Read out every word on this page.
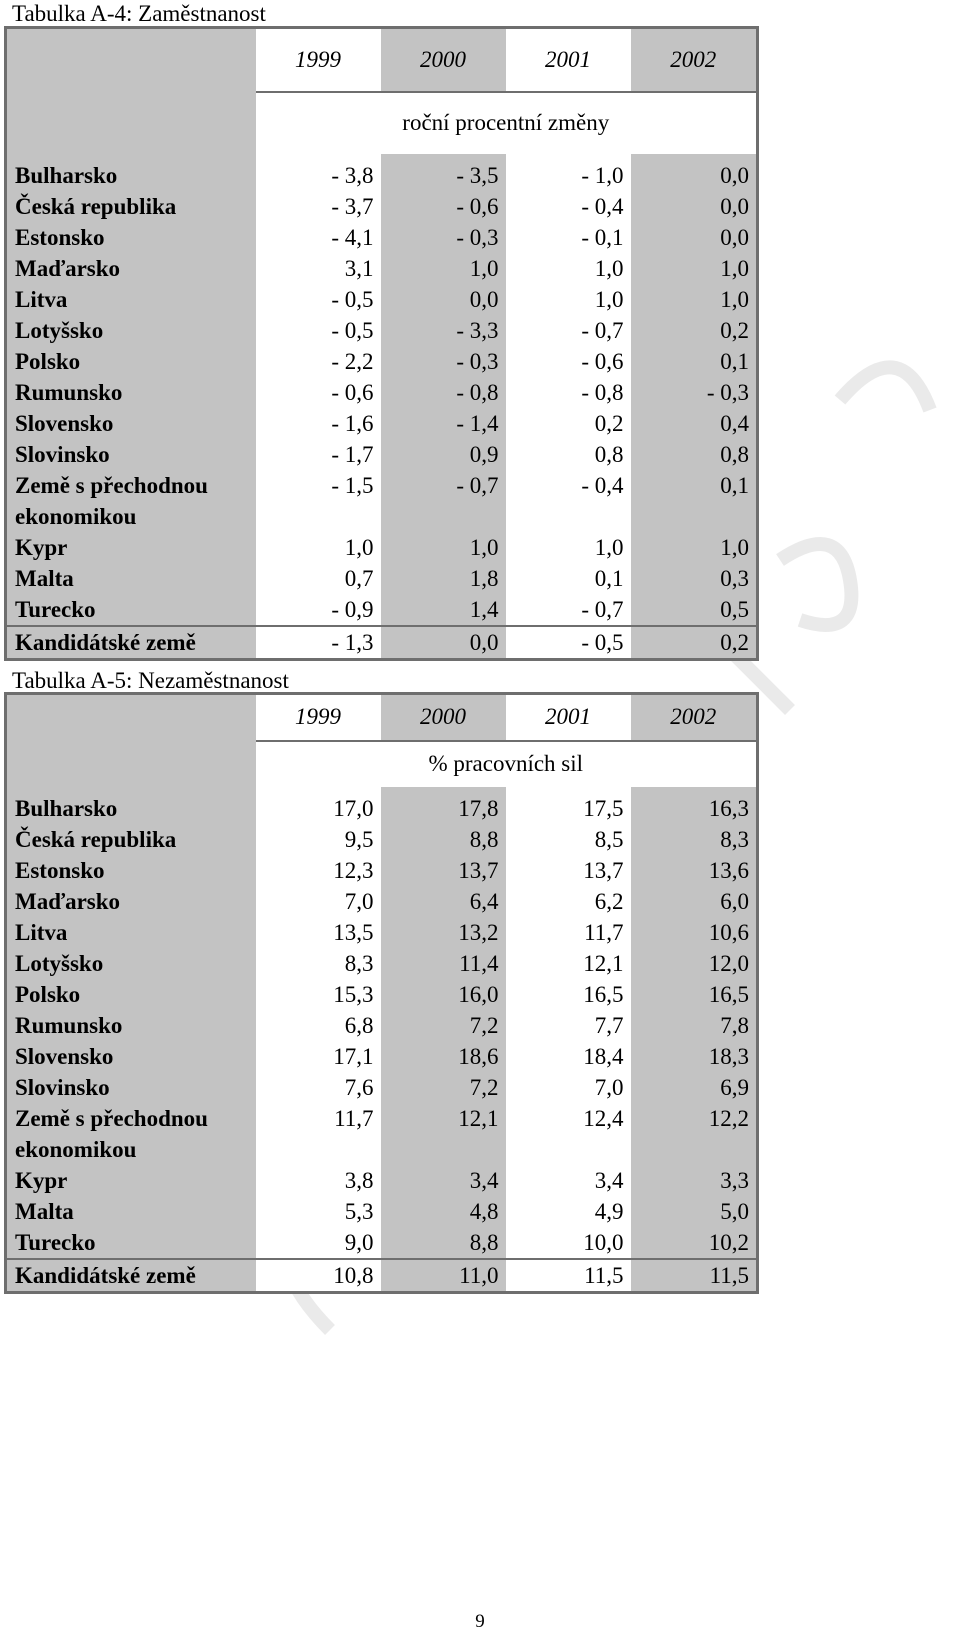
Tabulka A-4: Zaměstnanost
	1999	2000	2001	2002
	roční procentní změny			
Bulharsko	- 3,8	- 3,5	- 1,0	0,0
Česká republika	- 3,7	- 0,6	- 0,4	0,0
Estonsko	- 4,1	- 0,3	- 0,1	0,0
Maďarsko	3,1	1,0	1,0	1,0
Litva	- 0,5	0,0	1,0	1,0
Lotyšsko	- 0,5	- 3,3	- 0,7	0,2
Polsko	- 2,2	- 0,3	- 0,6	0,1
Rumunsko	- 0,6	- 0,8	- 0,8	- 0,3
Slovensko	- 1,6	- 1,4	0,2	0,4
Slovinsko	- 1,7	0,9	0,8	0,8
Země s přechodnou ekonomikou	- 1,5	- 0,7	- 0,4	0,1
Kypr	1,0	1,0	1,0	1,0
Malta	0,7	1,8	0,1	0,3
Turecko	- 0,9	1,4	- 0,7	0,5
Kandidátské země	- 1,3	0,0	- 0,5	0,2
Tabulka A-5: Nezaměstnanost
	1999	2000	2001	2002
	% pracovních sil			
Bulharsko	17,0	17,8	17,5	16,3
Česká republika	9,5	8,8	8,5	8,3
Estonsko	12,3	13,7	13,7	13,6
Maďarsko	7,0	6,4	6,2	6,0
Litva	13,5	13,2	11,7	10,6
Lotyšsko	8,3	11,4	12,1	12,0
Polsko	15,3	16,0	16,5	16,5
Rumunsko	6,8	7,2	7,7	7,8
Slovensko	17,1	18,6	18,4	18,3
Slovinsko	7,6	7,2	7,0	6,9
Země s přechodnou ekonomikou	11,7	12,1	12,4	12,2
Kypr	3,8	3,4	3,4	3,3
Malta	5,3	4,8	4,9	5,0
Turecko	9,0	8,8	10,0	10,2
Kandidátské země	10,8	11,0	11,5	11,5
9
